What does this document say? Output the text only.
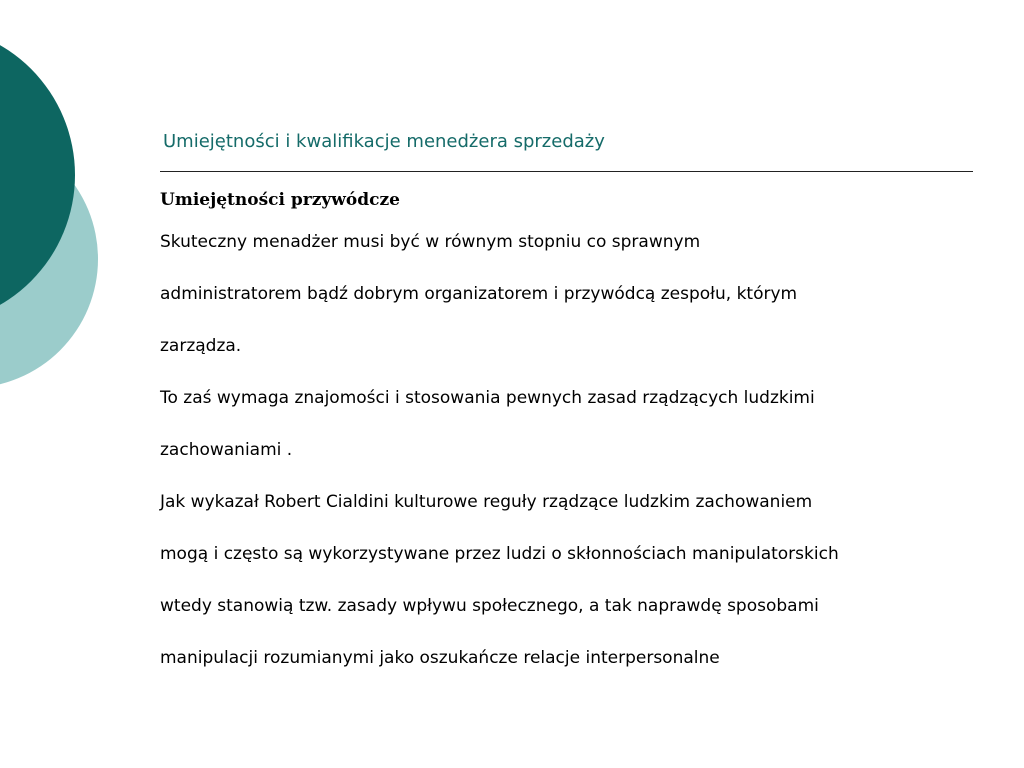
Umiejętności i kwalifikacje menedżera sprzedaży
Umiejętności przywódcze

Skuteczny menadżer musi być w równym stopniu co sprawnym
administratorem bądź dobrym organizatorem i przywódcą zespołu, którym
zarządza.

To zaś wymaga znajomości i stosowania pewnych zasad rządzących ludzkimi
zachowaniami .

Jak wykazał Robert Cialdini kulturowe reguły rządzące ludzkim zachowaniem
mogą i często są wykorzystywane przez ludzi o skłonnościach manipulatorskich
wtedy stanowią tzw. zasady wpływu społecznego, a tak naprawdę sposobami
manipulacji rozumianymi jako oszukańcze relacje interpersonalne
